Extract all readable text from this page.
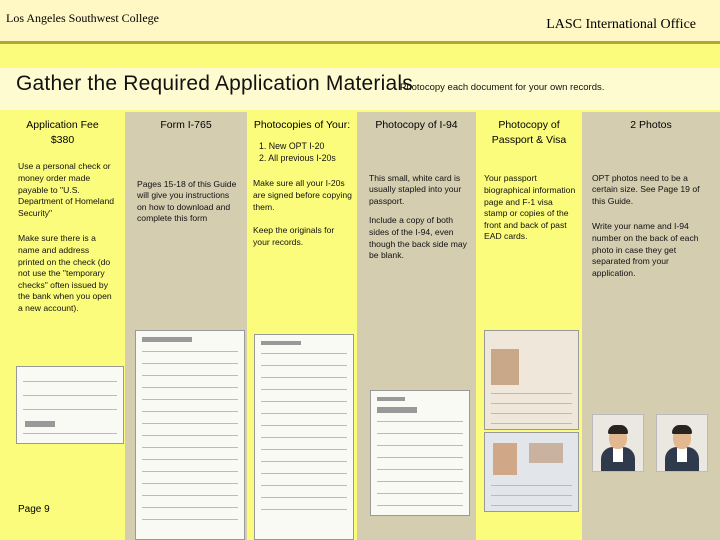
Los Angeles Southwest College	LASC International Office
Gather the Required Application Materials
Photocopy each document for your own records.
Application Fee
$380
Use a personal check or money order made payable to "U.S. Department of Homeland Security"
Make sure there is a name and address printed on the check (do not use the "temporary checks" often issued by the bank when you open a new account).
Page 9
Form I-765
Pages 15-18 of this Guide will give you instructions on how to download and complete this form
Photocopies of Your:
1. New OPT I-20
2. All previous I-20s
Make sure all your I-20s are signed before copying them.
Keep the originals for your records.
Photocopy of I-94
This small, white card is usually stapled into your passport.
Include a copy of both sides of the I-94, even though the back side may be blank.
Photocopy of
Passport & Visa
Your passport biographical information page and F-1 visa stamp or copies of the front and back of past EAD cards.
2 Photos
OPT photos need to be a certain size. See Page 19 of this Guide.
Write your name and I-94 number on the back of each photo in case they get separated from your application.
